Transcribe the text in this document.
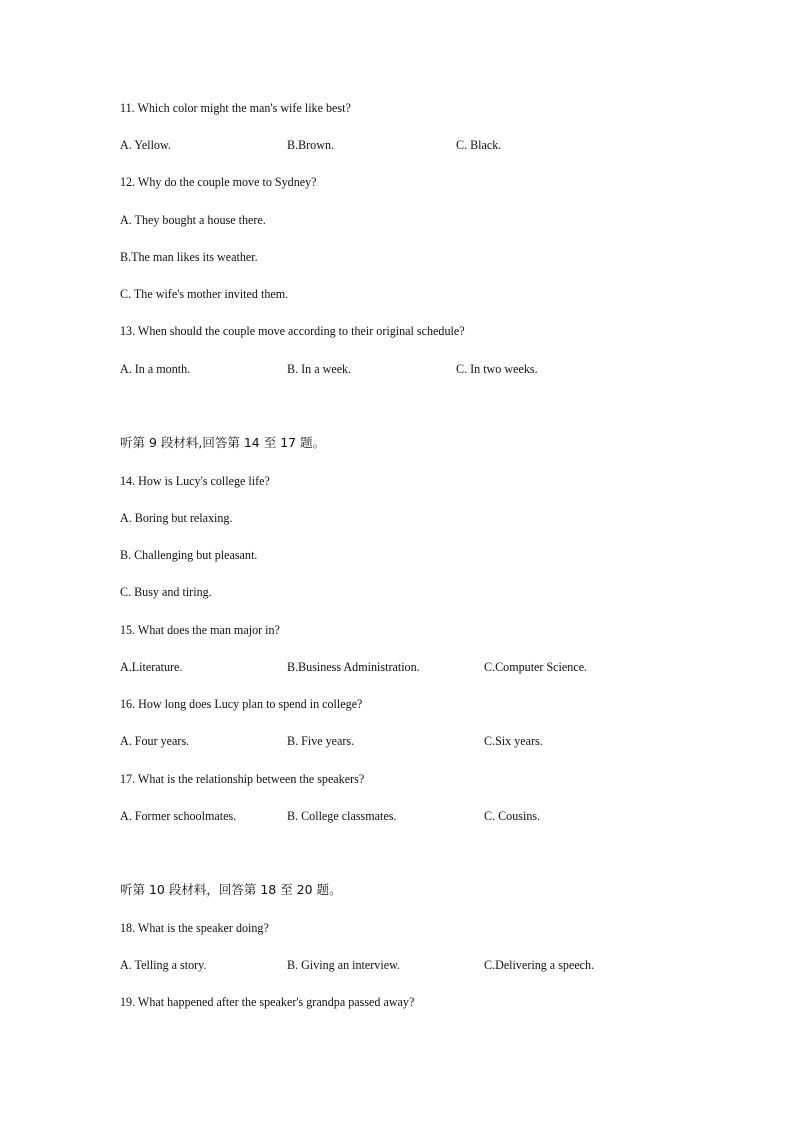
11. Which color might the man's wife like best?
A. Yellow.	B.Brown.	C. Black.
12. Why do the couple move to Sydney?
A. They bought a house there.
B.The man likes its weather.
C. The wife's mother invited them.
13. When should the couple move according to their original schedule?
A. In a month.	B. In a week.	C. In two weeks.
听第 9 段材料,回答第 14 至 17 题。
14. How is Lucy's college life?
A. Boring but relaxing.
B. Challenging but pleasant.
C. Busy and tiring.
15. What does the man major in?
A.Literature.	B.Business Administration.	C.Computer Science.
16. How long does Lucy plan to spend in college?
A. Four years.	B. Five years.	C.Six years.
17. What is the relationship between the speakers?
A. Former schoolmates.	B. College classmates.	C. Cousins.
听第 10 段材料，回答第 18 至 20 题。
18. What is the speaker doing?
A. Telling a story.	B. Giving an interview.	C.Delivering a speech.
19. What happened after the speaker's grandpa passed away?
